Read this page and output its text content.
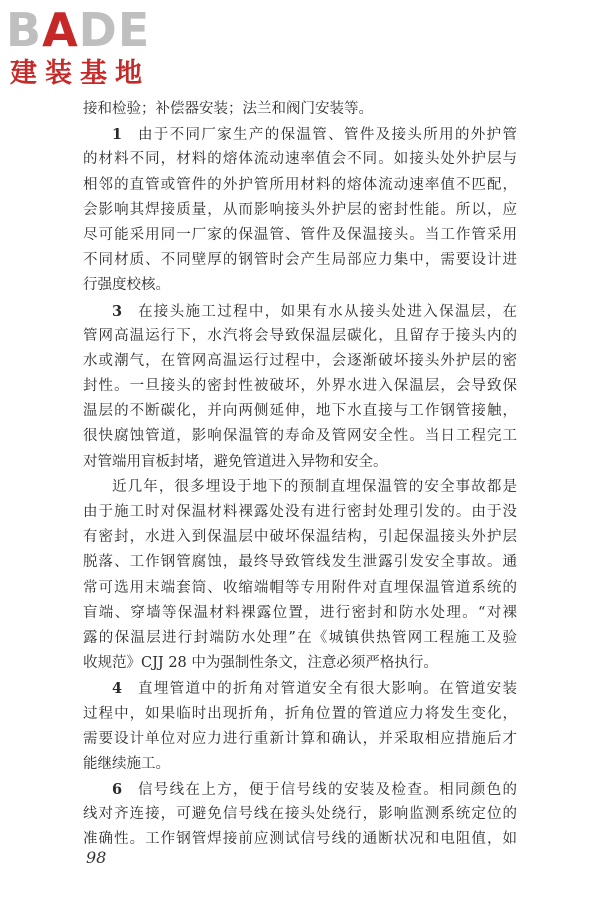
BADE
建装基地
接和检验；补偿器安装；法兰和阀门安装等。
1  由于不同厂家生产的保温管、管件及接头所用的外护管
的材料不同，材料的熔体流动速率值会不同。如接头处外护层与
相邻的直管或管件的外护管所用材料的熔体流动速率值不匹配，
会影响其焊接质量，从而影响接头外护层的密封性能。所以，应
尽可能采用同一厂家的保温管、管件及保温接头。当工作管采用
不同材质、不同壁厚的钢管时会产生局部应力集中，需要设计进
行强度校核。
3  在接头施工过程中，如果有水从接头处进入保温层，在
管网高温运行下，水汽将会导致保温层碳化，且留存于接头内的
水或潮气，在管网高温运行过程中，会逐渐破坏接头外护层的密
封性。一旦接头的密封性被破坏，外界水进入保温层，会导致保
温层的不断碳化，并向两侧延伸，地下水直接与工作钢管接触，
很快腐蚀管道，影响保温管的寿命及管网安全性。当日工程完工
对管端用盲板封堵，避免管道进入异物和安全。
近几年，很多埋设于地下的预制直埋保温管的安全事故都是
由于施工时对保温材料裸露处没有进行密封处理引发的。由于没
有密封，水进入到保温层中破坏保温结构，引起保温接头外护层
脱落、工作钢管腐蚀，最终导致管线发生泄露引发安全事故。通
常可选用末端套筒、收缩端帽等专用附件对直埋保温管道系统的
盲端、穿墙等保温材料裸露位置，进行密封和防水处理。“对裸
露的保温层进行封端防水处理”在《城镇供热管网工程施工及验
收规范》CJJ 28 中为强制性条文，注意必须严格执行。
4  直埋管道中的折角对管道安全有很大影响。在管道安装
过程中，如果临时出现折角，折角位置的管道应力将发生变化，
需要设计单位对应力进行重新计算和确认，并采取相应措施后才
能继续施工。
6  信号线在上方，便于信号线的安装及检查。相同颜色的
线对齐连接，可避免信号线在接头处绕行，影响监测系统定位的
准确性。工作钢管焊接前应测试信号线的通断状况和电阻值，如
98
